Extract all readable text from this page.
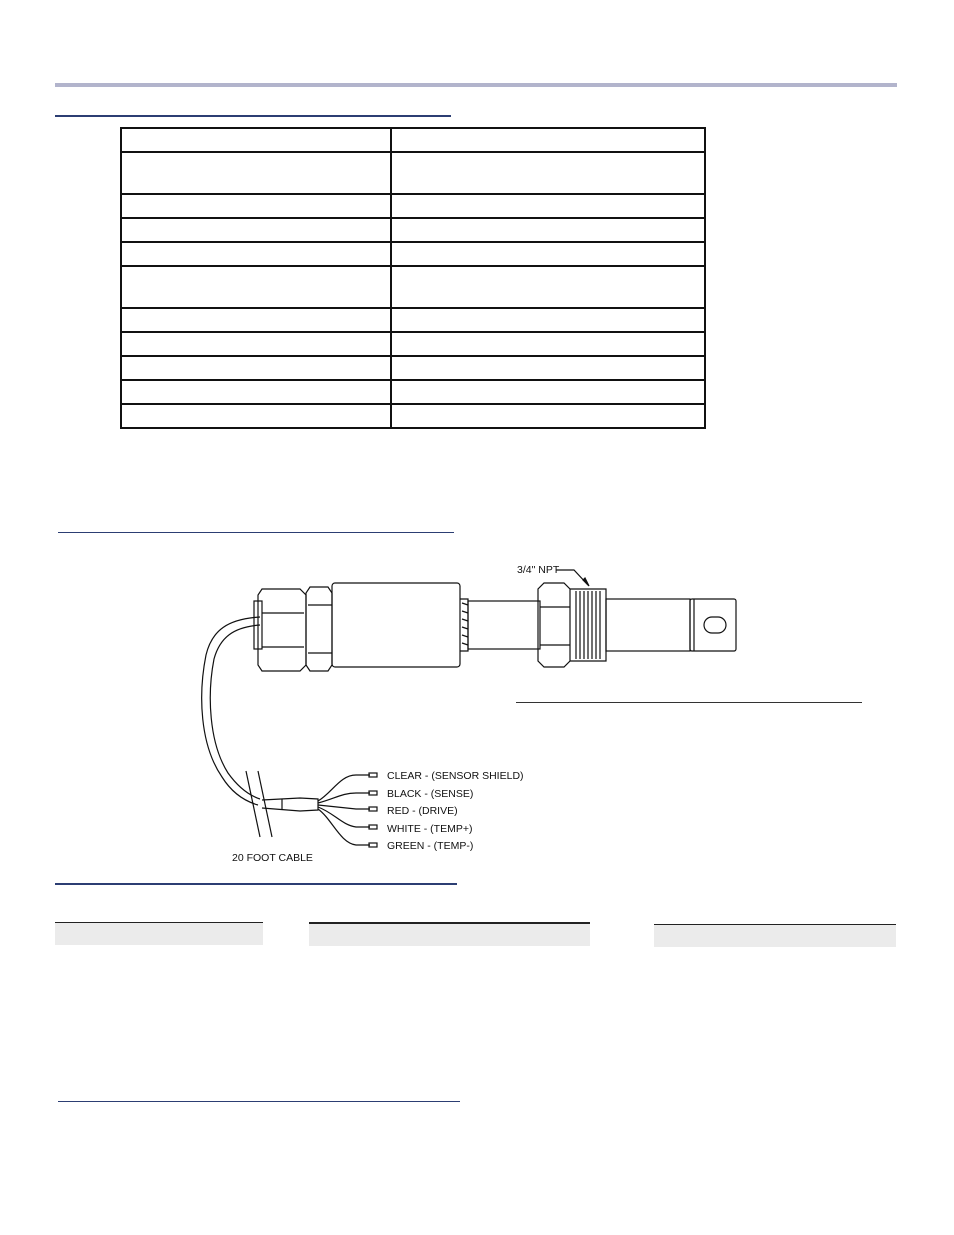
3/4" NPT
CLEAR - (SENSOR SHIELD)
BLACK - (SENSE)
RED - (DRIVE)
WHITE - (TEMP+)
GREEN - (TEMP-)
20 FOOT CABLE
